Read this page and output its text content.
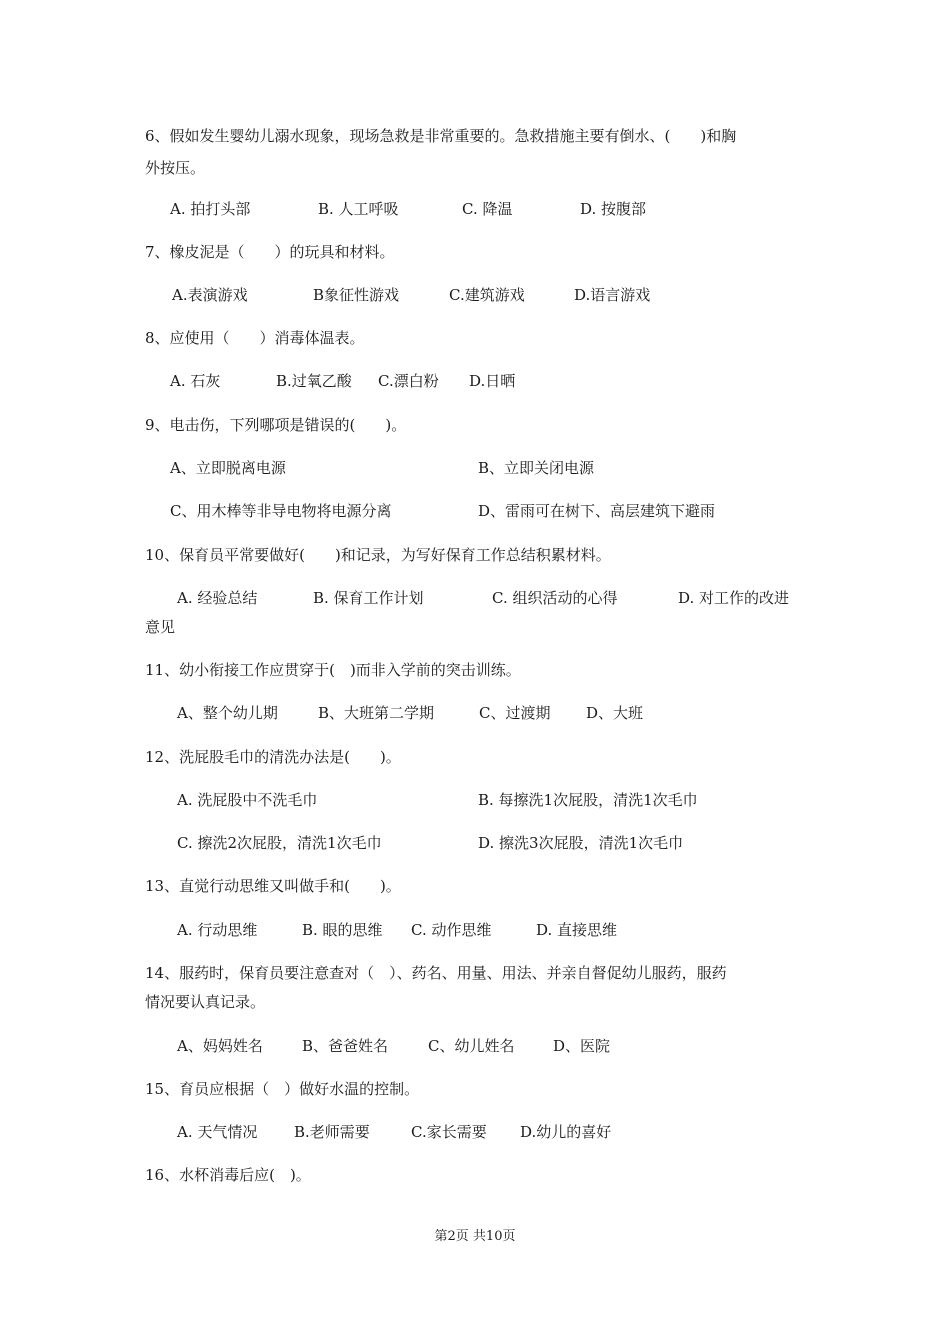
6、假如发生婴幼儿溺水现象，现场急救是非常重要的。急救措施主要有倒水、(　　)和胸
外按压。
A. 拍打头部	B. 人工呼吸	C. 降温	D. 按腹部
7、橡皮泥是（　　）的玩具和材料。
A.表演游戏	B象征性游戏	C.建筑游戏	D.语言游戏
8、应使用（　　）消毒体温表。
A. 石灰	B.过氧乙酸 C.漂白粉 D.日晒
9、电击伤，下列哪项是错误的(　　)。
A、立即脱离电源	B、立即关闭电源
C、用木棒等非导电物将电源分离	D、雷雨可在树下、高层建筑下避雨
10、保育员平常要做好(　　)和记录，为写好保育工作总结积累材料。
A. 经验总结	B. 保育工作计划	C. 组织活动的心得	D. 对工作的改进
意见
11、幼小衔接工作应贯穿于(　)而非入学前的突击训练。
A、整个幼儿期	B、大班第二学期	C、过渡期 D、大班
12、洗屁股毛巾的清洗办法是(　　)。
A. 洗屁股中不洗毛巾	B. 每擦洗1次屁股，清洗1次毛巾
C. 擦洗2次屁股，清洗1次毛巾	D. 擦洗3次屁股，清洗1次毛巾
13、直觉行动思维又叫做手和(　　)。
A. 行动思维	B. 眼的思维 C. 动作思维	D. 直接思维
14、服药时，保育员要注意查对（　）、药名、用量、用法、并亲自督促幼儿服药，服药
情况要认真记录。
A、妈妈姓名	B、爸爸姓名	C、幼儿姓名	D、医院
15、育员应根据（　）做好水温的控制。
A. 天气情况 B.老师需要	C.家长需要 D.幼儿的喜好
16、水杯消毒后应(　)。
第2页 共10页
